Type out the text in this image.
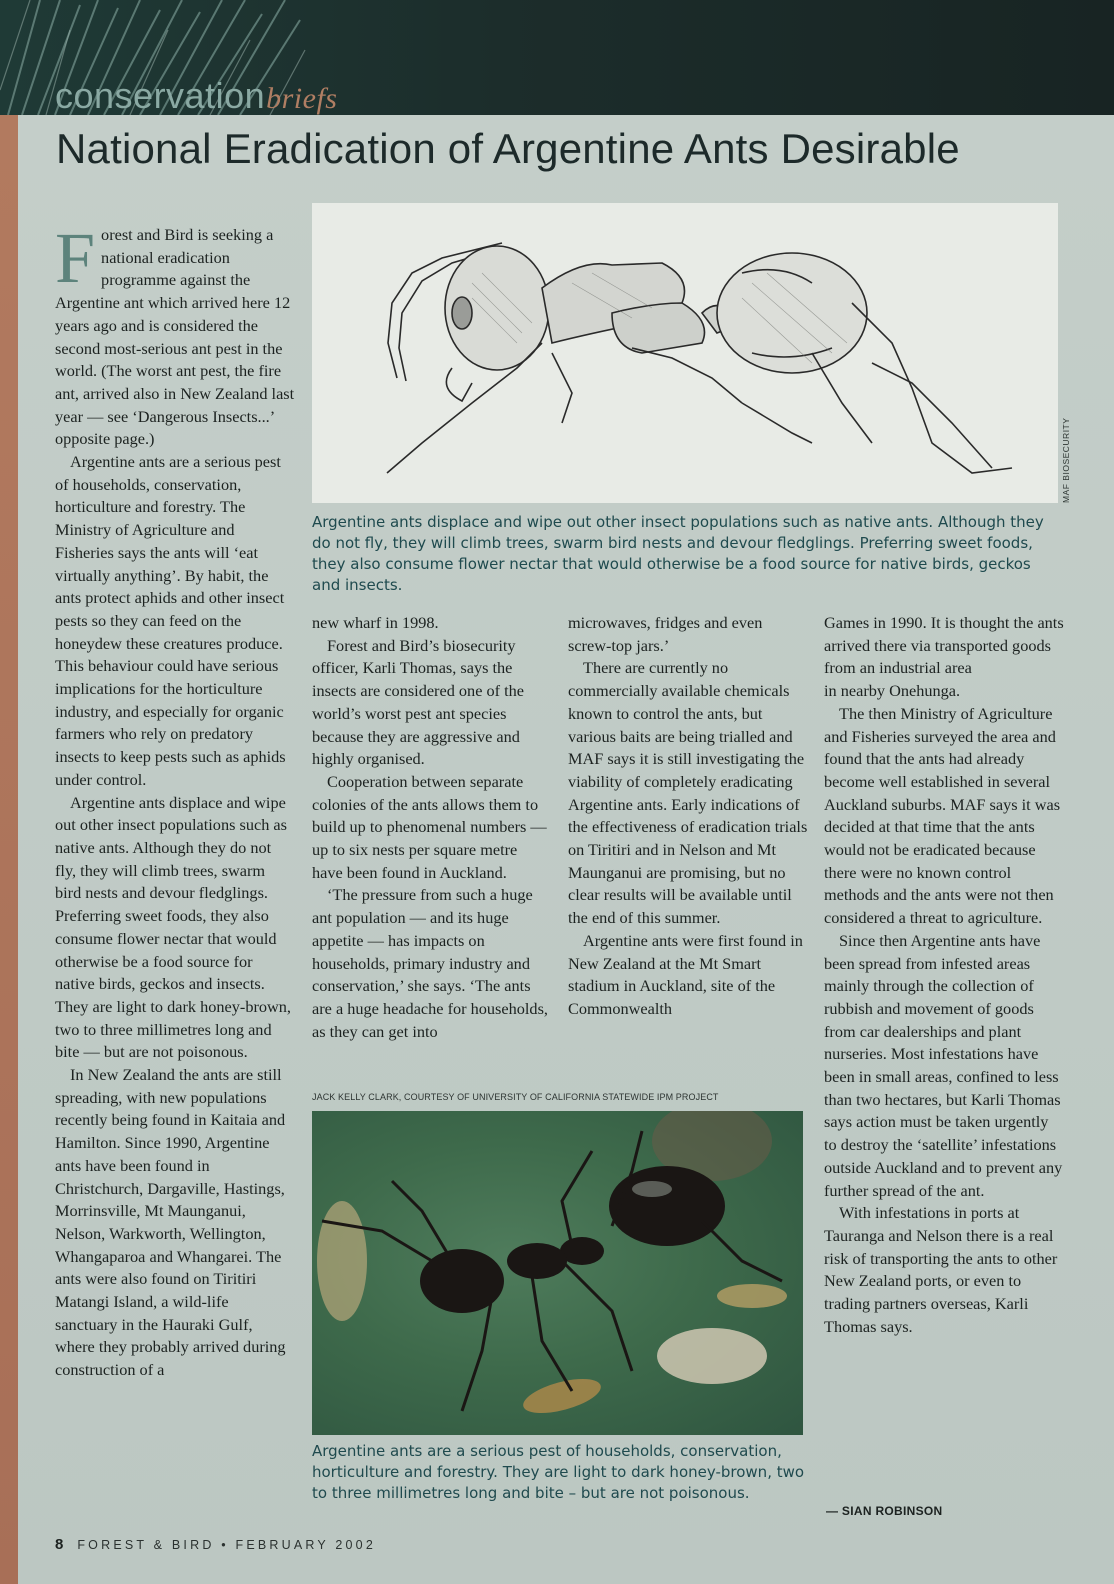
conservationbriefs
National Eradication of Argentine Ants Desirable

Forest and Bird is seeking a national eradication programme against the Argentine ant which arrived here 12 years ago and is considered the second most-serious ant pest in the world. (The worst ant pest, the fire ant, arrived also in New Zealand last year — see ‘Dangerous Insects...’ opposite page.)

Argentine ants are a serious pest of households, conservation, horticulture and forestry. The Ministry of Agriculture and Fisheries says the ants will ‘eat virtually anything’. By habit, the ants protect aphids and other insect pests so they can feed on the honeydew these creatures produce. This behaviour could have serious implications for the horticulture industry, and especially for organic farmers who rely on predatory insects to keep pests such as aphids under control.

Argentine ants displace and wipe out other insect populations such as native ants. Although they do not fly, they will climb trees, swarm bird nests and devour fledglings. Preferring sweet foods, they also consume flower nectar that would otherwise be a food source for native birds, geckos and insects. They are light to dark honey-brown, two to three millimetres long and bite — but are not poisonous.

In New Zealand the ants are still spreading, with new populations recently being found in Kaitaia and Hamilton. Since 1990, Argentine ants have been found in Christchurch, Dargaville, Hastings, Morrinsville, Mt Maunganui, Nelson, Warkworth, Wellington, Whangaparoa and Whangarei. The ants were also found on Tiritiri Matangi Island, a wild-life sanctuary in the Hauraki Gulf, where they probably arrived during construction of a

Argentine ants displace and wipe out other insect populations such as native ants. Although they do not fly, they will climb trees, swarm bird nests and devour fledglings. Preferring sweet foods, they also consume flower nectar that would otherwise be a food source for native birds, geckos and insects.

new wharf in 1998.

Forest and Bird’s biosecurity officer, Karli Thomas, says the insects are considered one of the world’s worst pest ant species because they are aggressive and highly organised.

Cooperation between separate colonies of the ants allows them to build up to phenomenal numbers — up to six nests per square metre have been found in Auckland.

‘The pressure from such a huge ant population — and its huge appetite — has impacts on households, primary industry and conservation,’ she says. ‘The ants are a huge headache for households, as they can get into

microwaves, fridges and even screw-top jars.’

There are currently no commercially available chemicals known to control the ants, but various baits are being trialled and MAF says it is still investigating the viability of completely eradicating Argentine ants. Early indications of the effectiveness of eradication trials on Tiritiri and in Nelson and Mt Maunganui are promising, but no clear results will be available until the end of this summer.

Argentine ants were first found in New Zealand at the Mt Smart stadium in Auckland, site of the Commonwealth

Games in 1990. It is thought the ants arrived there via transported goods from an industrial area

in nearby Onehunga.

The then Ministry of Agriculture and Fisheries surveyed the area and found that the ants had already become well established in several Auckland suburbs. MAF says it was decided at that time that the ants would not be eradicated because there were no known control methods and the ants were not then considered a threat to agriculture.

Since then Argentine ants have been spread from infested areas mainly through the collection of rubbish and movement of goods from car dealerships and plant nurseries. Most infestations have been in small areas, confined to less than two hectares, but Karli Thomas says action must be taken urgently to destroy the ‘satellite’ infestations outside Auckland and to prevent any further spread of the ant.

With infestations in ports at Tauranga and Nelson there is a real risk of transporting the ants to other New Zealand ports, or even to trading partners overseas, Karli Thomas says.

— SIAN ROBINSON
JACK KELLY CLARK, COURTESY OF UNIVERSITY OF CALIFORNIA STATEWIDE IPM PROJECT
Argentine ants are a serious pest of households, conservation, horticulture and forestry. They are light to dark honey-brown, two to three millimetres long and bite – but are not poisonous.
8 FOREST & BIRD • FEBRUARY 2002
